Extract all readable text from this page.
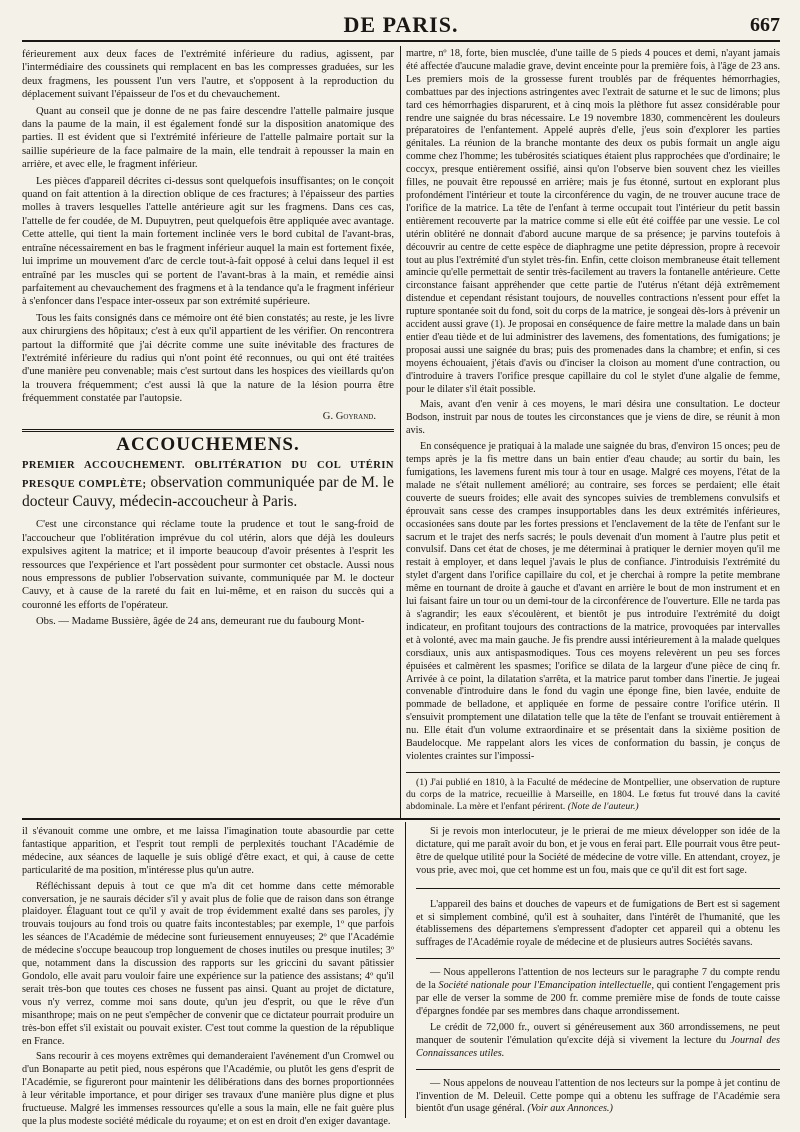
DE PARIS.	667

férieurement aux deux faces de l'extrémité inférieure du radius, agissent, par l'intermédiaire des coussinets qui remplacent en bas les compresses graduées, sur les deux fragmens, les poussent l'un vers l'autre, et s'opposent à la reproduction du déplacement suivant l'épaisseur de l'os et du chevauchement.

Quant au conseil que je donne de ne pas faire descendre l'attelle palmaire jusque dans la paume de la main, il est également fondé sur la disposition anatomique des parties. Il est évident que si l'extrémité inférieure de l'attelle palmaire portait sur la saillie supérieure de la face palmaire de la main, elle tendrait à repousser la main en arrière, et avec elle, le fragment inférieur.

Les pièces d'appareil décrites ci-dessus sont quelquefois insuffisantes; on le conçoit quand on fait attention à la direction oblique de ces fractures; à l'épaisseur des parties molles à travers lesquelles l'attelle antérieure agit sur les fragmens. Dans ces cas, l'attelle de fer coudée, de M. Dupuytren, peut quelquefois être appliquée avec avantage. Cette attelle, qui tient la main fortement inclinée vers le bord cubital de l'avant-bras, entraîne nécessairement en bas le fragment inférieur auquel la main est fortement fixée, lui imprime un mouvement d'arc de cercle tout-à-fait opposé à celui dans lequel il est entraîné par les muscles qui se portent de l'avant-bras à la main, et remédie ainsi parfaitement au chevauchement des fragmens et à la tendance qu'a le fragment inférieur à s'enfoncer dans l'espace inter-osseux par son extrémité supérieure.

Tous les faits consignés dans ce mémoire ont été bien constatés; au reste, je les livre aux chirurgiens des hôpitaux; c'est à eux qu'il appartient de les vérifier. On rencontrera partout la difformité que j'ai décrite comme une suite inévitable des fractures de l'extrémité inférieure du radius qui n'ont point été reconnues, ou qui ont été traitées d'une manière peu convenable; mais c'est surtout dans les hospices des vieillards qu'on la trouvera fréquemment; c'est aussi là que la nature de la lésion pourra être fréquemment constatée par l'autopsie.

G. Goyrand.
ACCOUCHEMENS.
PREMIER ACCOUCHEMENT. OBLITÉRATION DU COL UTÉRIN PRESQUE COMPLÈTE; observation communiquée par de M. le docteur Cauvy, médecin-accoucheur à Paris.

C'est une circonstance qui réclame toute la prudence et tout le sang-froid de l'accoucheur que l'oblitération imprévue du col utérin, alors que déjà les douleurs expulsives agitent la matrice; et il importe beaucoup d'avoir présentes à l'esprit les ressources que l'expérience et l'art possèdent pour surmonter cet obstacle. Aussi nous nous empressons de publier l'observation suivante, communiquée par M. le docteur Cauvy, et à cause de la rareté du fait en lui-même, et en raison du succès qui a couronné les efforts de l'opérateur.

Obs. — Madame Bussière, âgée de 24 ans, demeurant rue du faubourg Mont-

martre, nº 18, forte, bien musclée, d'une taille de 5 pieds 4 pouces et demi, n'ayant jamais été affectée d'aucune maladie grave, devint enceinte pour la première fois, à l'âge de 23 ans. Les premiers mois de la grossesse furent troublés par de fréquentes hémorrhagies, combattues par des injections astringentes avec l'extrait de saturne et le suc de limons; plus tard ces hémorrhagies disparurent, et à cinq mois la plèthore fut assez considérable pour rendre une saignée du bras nécessaire. Le 19 novembre 1830, commencèrent les douleurs préparatoires de l'enfantement. Appelé auprès d'elle, j'eus soin d'explorer les parties génitales. La réunion de la branche montante des deux os pubis formait un angle aigu comme chez l'homme; les tubérosités sciatiques étaient plus rapprochées que d'ordinaire; le coccyx, presque entièrement ossifié, ainsi qu'on l'observe bien souvent chez les vieilles filles, ne pouvait être repoussé en arrière; mais je fus étonné, surtout en explorant plus profondément l'intérieur et toute la circonférence du vagin, de ne trouver aucune trace de l'orifice de la matrice. La tête de l'enfant à terme occupait tout l'intérieur du petit bassin entièrement recouverte par la matrice comme si elle eût été coiffée par une vessie. Le col utérin oblitéré ne donnait d'abord aucune marque de sa présence; je parvins toutefois à découvrir au centre de cette espèce de diaphragme une petite dépression, propre à recevoir tout au plus l'extrémité d'un stylet très-fin. Enfin, cette cloison membraneuse était tellement amincie qu'elle permettait de sentir très-facilement au travers la fontanelle antérieure. Cette circonstance faisant appréhender que cette partie de l'utérus n'étant déjà extrêmement distendue et cependant résistant toujours, de nouvelles contractions n'essent pour effet la rupture spontanée soit du fond, soit du corps de la matrice, je songeai dès-lors à prévenir un accident aussi grave (1). Je proposai en conséquence de faire mettre la malade dans un bain entier d'eau tiède et de lui administrer des lavemens, des fomentations, des fumigations; je proposai aussi une saignée du bras; puis des promenades dans la chambre; et enfin, si ces moyens échouaient, j'étais d'avis ou d'inciser la cloison au moment d'une contraction, ou d'introduire à travers l'orifice presque capillaire du col le stylet d'une algalie de femme, pour le dilater s'il était possible.

Mais, avant d'en venir à ces moyens, le mari désira une consultation. Le docteur Bodson, instruit par nous de toutes les circonstances que je viens de dire, se réunit à mon avis.

En conséquence je pratiquai à la malade une saignée du bras, d'environ 15 onces; peu de temps après je la fis mettre dans un bain entier d'eau chaude; au sortir du bain, les fumigations, les lavemens furent mis tour à tour en usage. Malgré ces moyens, l'état de la malade ne s'était nullement amélioré; au contraire, ses forces se perdaient; elle était couverte de sueurs froides; elle avait des syncopes suivies de tremblemens convulsifs et éprouvait sans cesse des crampes insupportables dans les deux extrémités inférieures, occasionées sans doute par les fortes pressions et l'enclavement de la tête de l'enfant sur le sacrum et le trajet des nerfs sacrés; le pouls devenait d'un moment à l'autre plus petit et convulsif. Dans cet état de choses, je me déterminai à pratiquer le dernier moyen qu'il me restait à employer, et dans lequel j'avais le plus de confiance. J'introduisis l'extrémité du stylet d'argent dans l'orifice capillaire du col, et je cherchai à rompre la petite membrane même en tournant de droite à gauche et d'avant en arrière le bout de mon instrument et en lui faisant faire un tour ou un demi-tour de la circonférence de l'ouverture. Elle ne tarda pas à s'agrandir; les eaux s'écoulèrent, et bientôt je pus introduire l'extrémité du doigt indicateur, en profitant toujours des contractions de la matrice, provoquées par intervalles et à volonté, avec ma main gauche. Je fis prendre aussi intérieurement à la malade quelques corsdiaux, unis aux antispasmodiques. Tous ces moyens relevèrent un peu ses forces épuisées et calmèrent les spasmes; l'orifice se dilata de la largeur d'une pièce de cinq fr. Arrivée à ce point, la dilatation s'arrêta, et la matrice parut tomber dans l'inertie. Je jugeai convenable d'introduire dans le fond du vagin une éponge fine, bien lavée, enduite de pommade de belladone, et appliquée en forme de pessaire contre l'orifice utérin. Il s'ensuivit promptement une dilatation telle que la tête de l'enfant se trouvait entièrement à nu. Elle était d'un volume extraordinaire et se présentait dans la sixième position de Baudelocque. Me rappelant alors les vices de conformation du bassin, je conçus de violentes craintes sur l'impossi-

(1) J'ai publié en 1810, à la Faculté de médecine de Montpellier, une observation de rupture du corps de la matrice, recueillie à Marseille, en 1804. Le fœtus fut trouvé dans la cavité abdominale. La mère et l'enfant périrent. (Note de l'auteur.)

il s'évanouit comme une ombre, et me laissa l'imagination toute abasourdie par cette fantastique apparition, et l'esprit tout rempli de perplexités touchant l'Académie de médecine, aux séances de laquelle je suis obligé d'être exact, et qui, à cause de cette particularité de ma position, m'intéresse plus qu'un autre.

Réfléchissant depuis à tout ce que m'a dit cet homme dans cette mémorable conversation, je ne saurais décider s'il y avait plus de folie que de raison dans son étrange plaidoyer. Élaguant tout ce qu'il y avait de trop évidemment exalté dans ses paroles, j'y trouvais toujours au fond trois ou quatre faits incontestables; par exemple, 1º que parfois les séances de l'Académie de médecine sont furieusement ennuyeuses; 2º que l'Académie de médecine s'occupe beaucoup trop longuement de choses inutiles ou presque inutiles; 3º que, notamment dans la discussion des rapports sur les griccini du savant pâtissier Gondolo, elle avait paru vouloir faire une expérience sur la patience des assistans; 4º qu'il serait très-bon que toutes ces choses ne fussent pas ainsi. Quant au projet de dictature, vous n'y verrez, comme moi sans doute, qu'un jeu d'esprit, ou que le rêve d'un misanthrope; mais on ne peut s'empêcher de convenir que ce dictateur pourrait produire un très-bon effet s'il existait ou pouvait exister. C'est tout comme la question de la république en France.

Sans recourir à ces moyens extrêmes qui demanderaient l'avénement d'un Cromwel ou d'un Bonaparte au petit pied, nous espérons que l'Académie, ou plutôt les gens d'esprit de l'Académie, se figureront pour maintenir les délibérations dans des bornes proportionnées à leur véritable importance, et pour diriger ses travaux d'une manière plus digne et plus fructueuse. Malgré les immenses ressources qu'elle a sous la main, elle ne fait guère plus que la plus modeste société médicale du royaume; et on est en droit d'en exiger davantage.

Si je revois mon interlocuteur, je le prierai de me mieux développer son idée de la dictature, qui me paraît avoir du bon, et je vous en ferai part. Elle pourrait vous être peut-être de quelque utilité pour la Société de médecine de votre ville. En attendant, croyez, je vous prie, avec moi, que cet homme est un fou, mais que ce qu'il dit est fort sage.

L'appareil des bains et douches de vapeurs et de fumigations de Bert est si sagement et si simplement combiné, qu'il est à souhaiter, dans l'intérêt de l'humanité, que les établissemens des départemens s'empressent d'adopter cet appareil qui a obtenu les suffrages de l'Académie royale de médecine et de plusieurs autres Sociétés savans.

— Nous appellerons l'attention de nos lecteurs sur le paragraphe 7 du compte rendu de la Société nationale pour l'Emancipation intellectuelle, qui contient l'engagement pris par elle de verser la somme de 200 fr. comme première mise de fonds de toute caisse d'épargnes fondée par ses membres dans chaque arrondissement.

Le crédit de 72,000 fr., ouvert si généreusement aux 360 arrondissemens, ne peut manquer de soutenir l'émulation qu'excite déjà si vivement la lecture du Journal des Connaissances utiles.

— Nous appelons de nouveau l'attention de nos lecteurs sur la pompe à jet continu de l'invention de M. Deleuil. Cette pompe qui a obtenu les suffrage de l'Académie sera bientôt d'un usage général. (Voir aux Annonces.)
